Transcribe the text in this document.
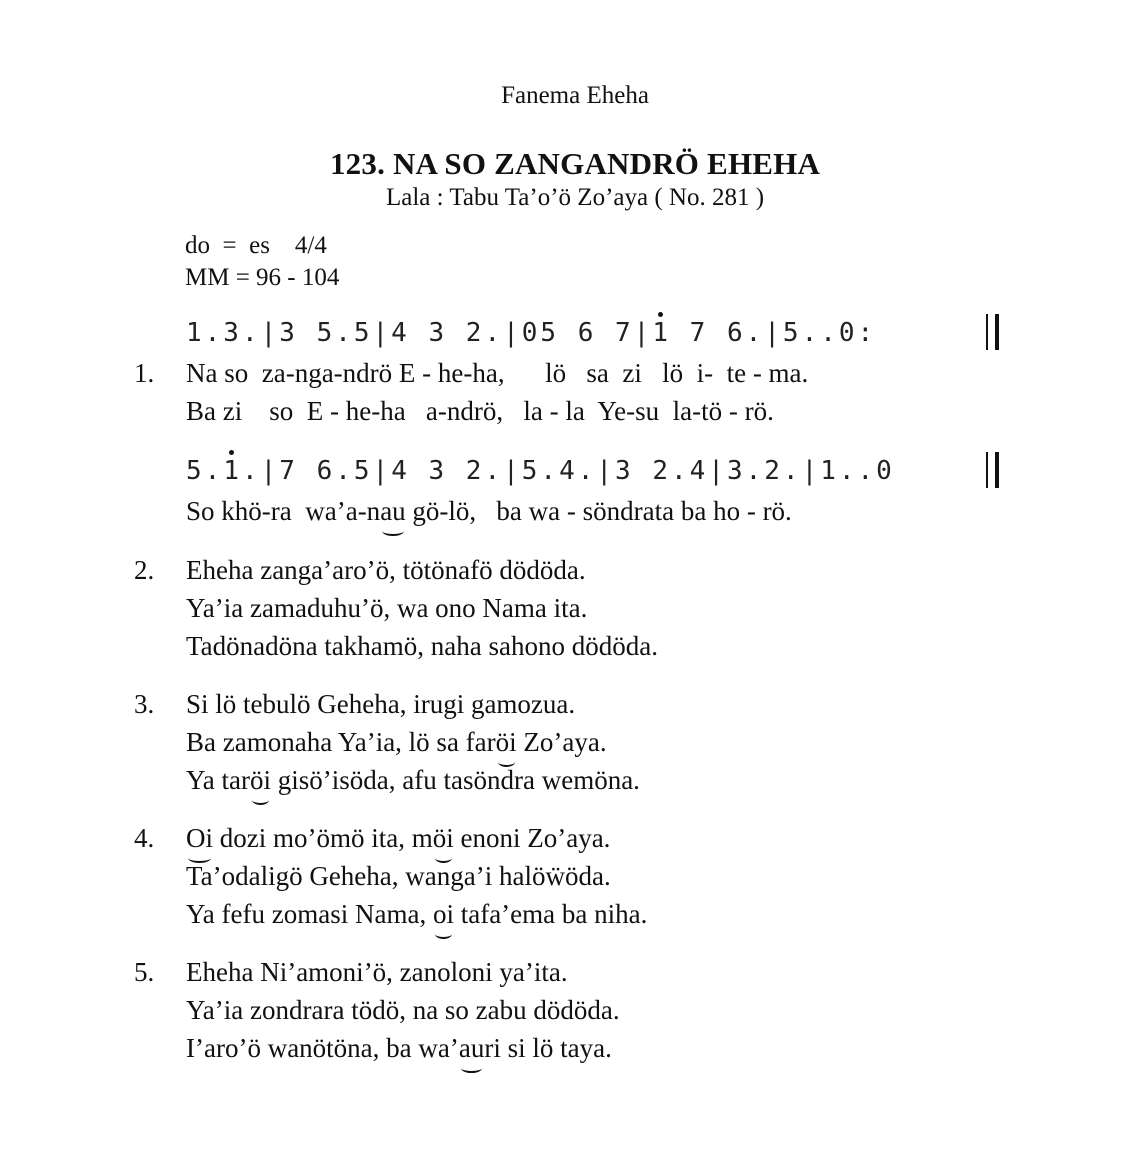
Fanema Eheha
123. NA SO ZANGANDRÖ EHEHA
Lala : Tabu Ta’o’ö Zo’aya ( No. 281 )
do  =  es    4/4
MM = 96 - 104
1.3.|3 5.5|4 3 2.|05 6 7|1 7 6.|5..0:
1. Na so  za-nga-ndrö E - he-ha,      lö   sa  zi   lö  i-  te - ma.
Ba zi    so  E - he-ha   a-ndrö,   la - la  Ye-su  la-tö - rö.
5.1.|7 6.5|4 3 2.|5.4.|3 2.4|3.2.|1..0
So khö-ra  wa’a-nau gö-lö,   ba wa - söndrata ba ho - rö.
2. Eheha zanga’aro’ö, tötönafö dödöda.
Ya’ia zamaduhu’ö, wa ono Nama ita.
Tadönadöna takhamö, naha sahono dödöda.
3. Si lö tebulö Geheha, irugi gamozua.
Ba zamonaha Ya’ia, lö sa faröi Zo’aya.
Ya taröi gisö’isöda, afu tasöndra wemöna.
4. Oi dozi mo’ömö ita, möi enoni Zo’aya.
Ta’odaligö Geheha, wanga’i halöẅöda.
Ya fefu zomasi Nama, oi tafa’ema ba niha.
5. Eheha Ni’amoni’ö, zanoloni ya’ita.
Ya’ia zondrara tödö, na so zabu dödöda.
I’aro’ö wanötöna, ba wa’auri si lö taya.
